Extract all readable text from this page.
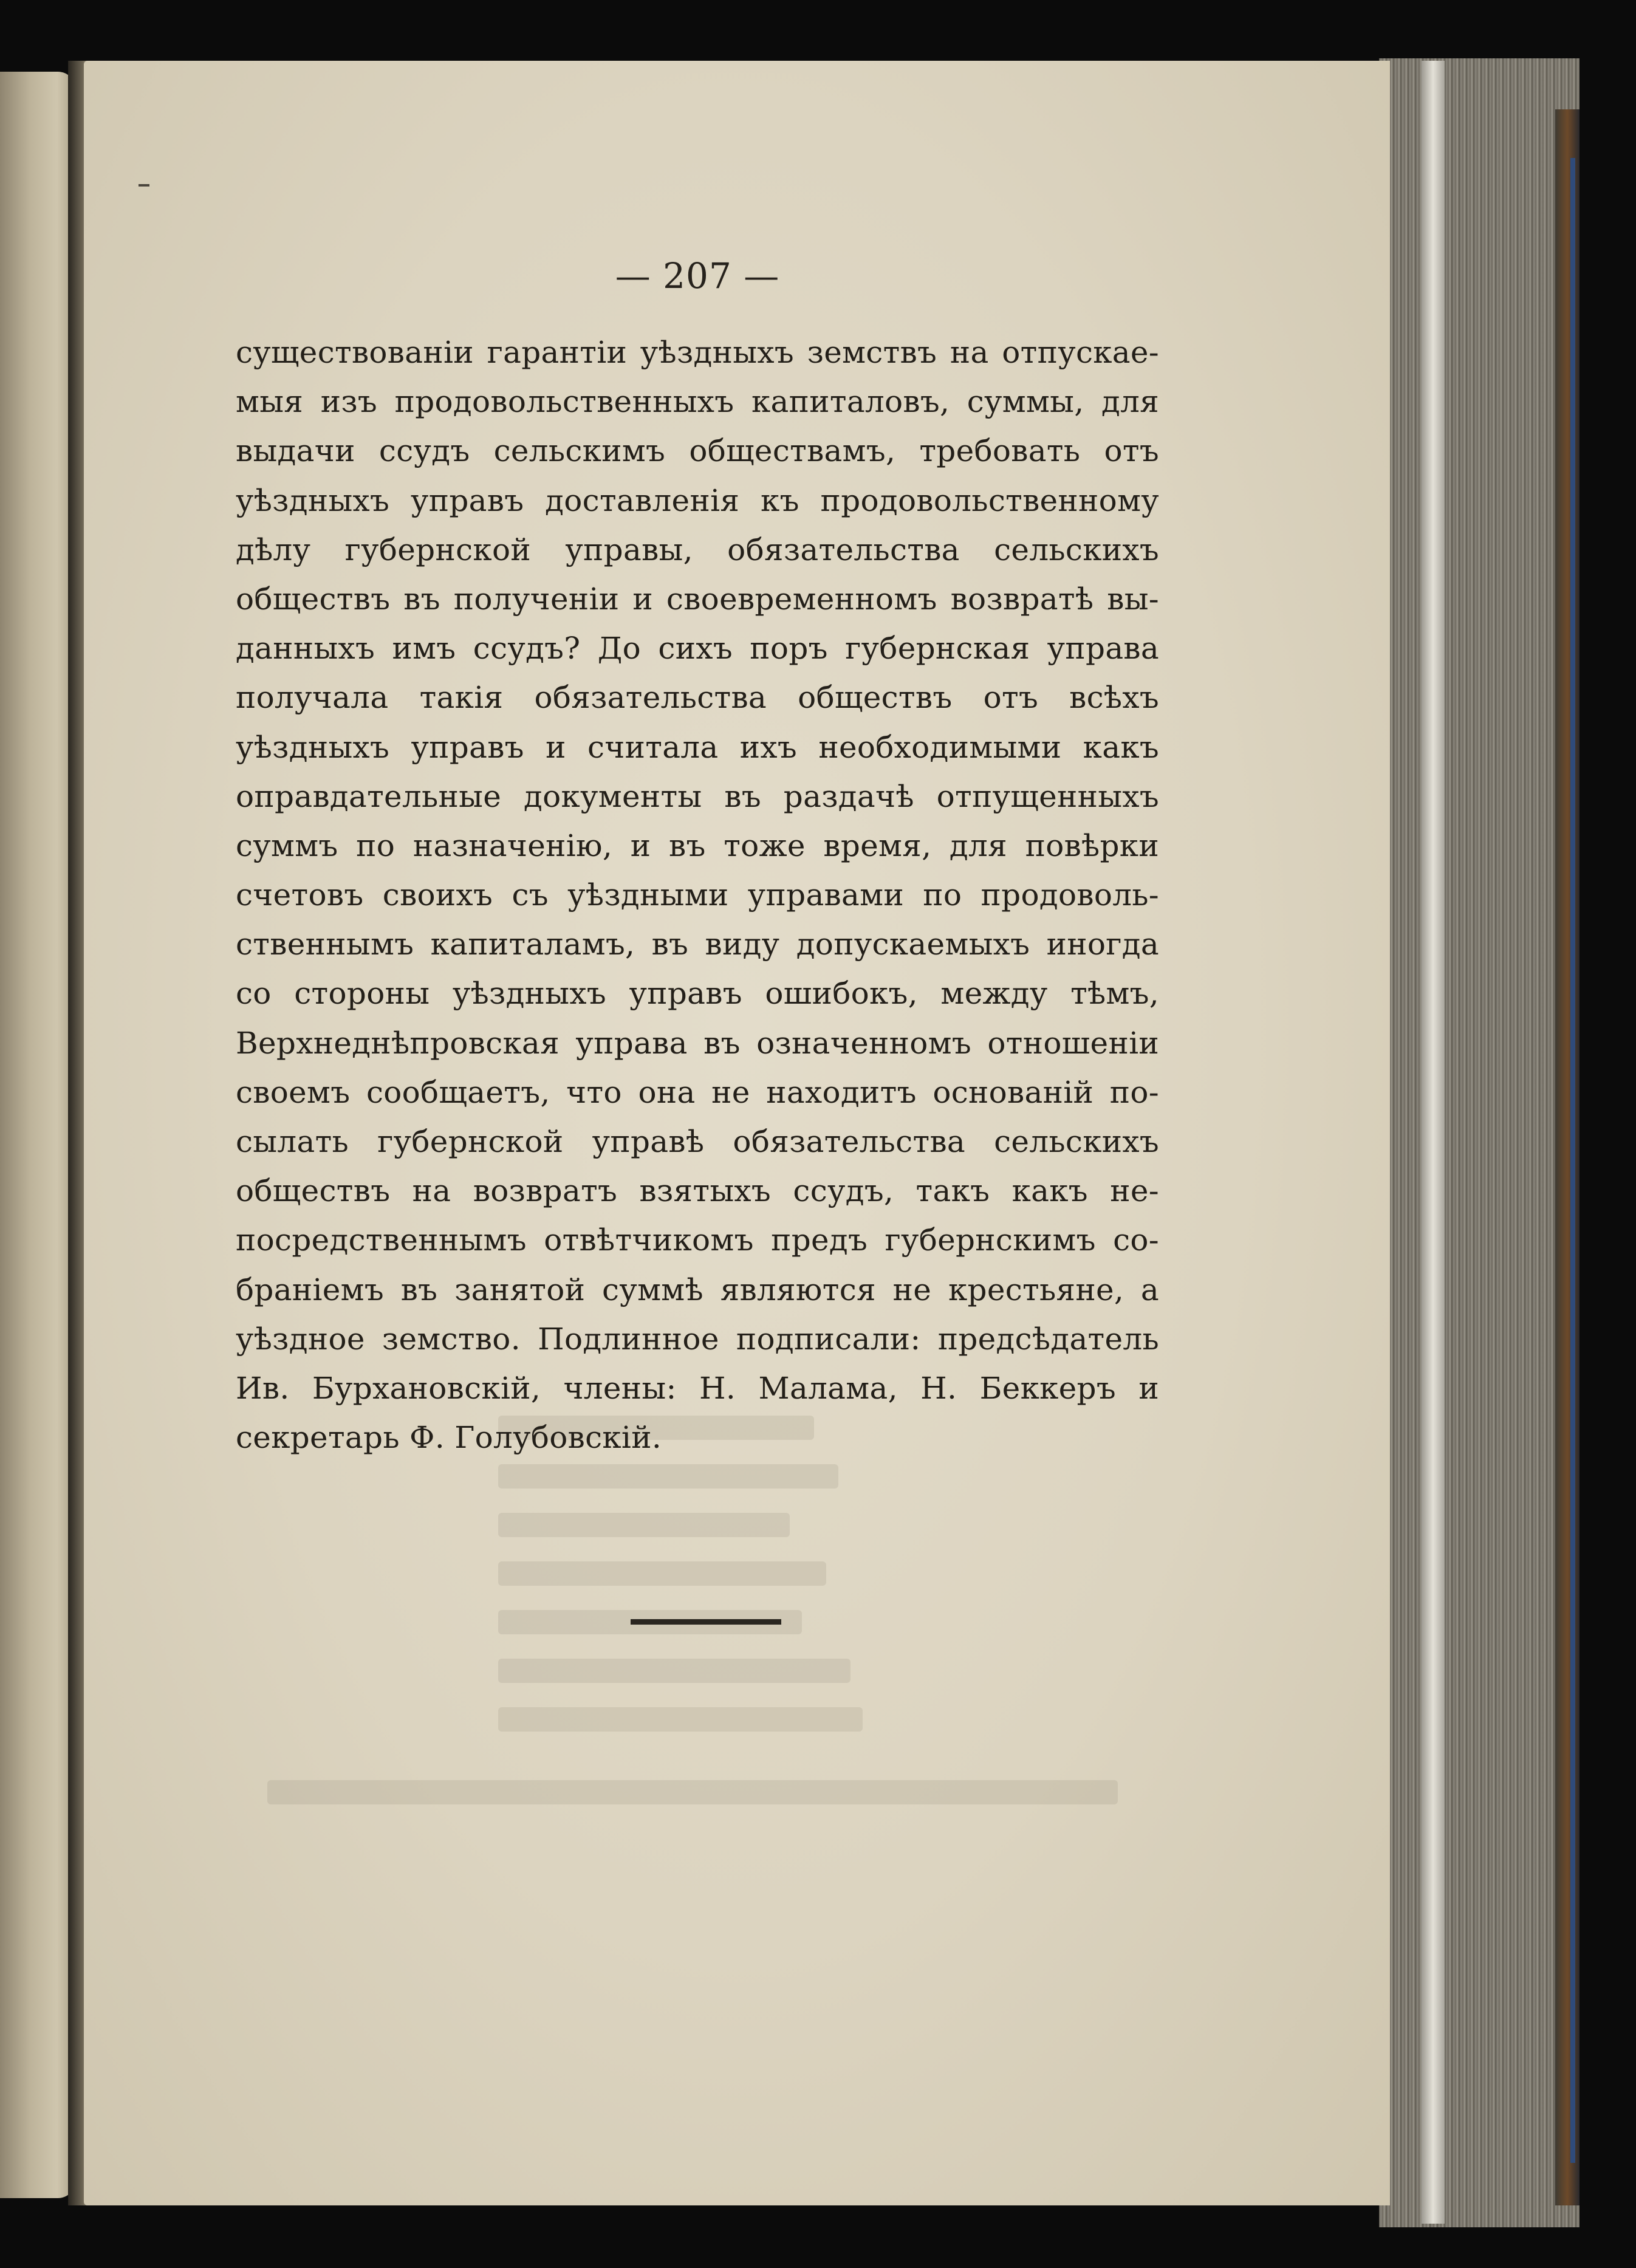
— 207 —
существованіи гарантіи уѣздныхъ земствъ на отпускае-
мыя изъ продовольственныхъ капиталовъ, суммы, для
выдачи ссудъ сельскимъ обществамъ, требовать отъ
уѣздныхъ управъ доставленія къ продовольственному
дѣлу губернской управы, обязательства сельскихъ
обществъ въ полученіи и своевременномъ возвратѣ вы-
данныхъ имъ ссудъ? До сихъ поръ губернская управа
получала такія обязательства обществъ отъ всѣхъ
уѣздныхъ управъ и считала ихъ необходимыми какъ
оправдательные документы въ раздачѣ отпущенныхъ
суммъ по назначенію, и въ тоже время, для повѣрки
счетовъ своихъ съ уѣздными управами по продоволь-
ственнымъ капиталамъ, въ виду допускаемыхъ иногда
со стороны уѣздныхъ управъ ошибокъ, между тѣмъ,
Верхнеднѣпровская управа въ означенномъ отношеніи
своемъ сообщаетъ, что она не находитъ основаній по-
сылать губернской управѣ обязательства сельскихъ
обществъ на возвратъ взятыхъ ссудъ, такъ какъ не-
посредственнымъ отвѣтчикомъ предъ губернскимъ со-
браніемъ въ занятой суммѣ являются не крестьяне, а
уѣздное земство. Подлинное подписали: предсѣдатель
Ив. Бурхановскій, члены: Н. Малама, Н. Беккеръ и
секретарь Ф. Голубовскій.
